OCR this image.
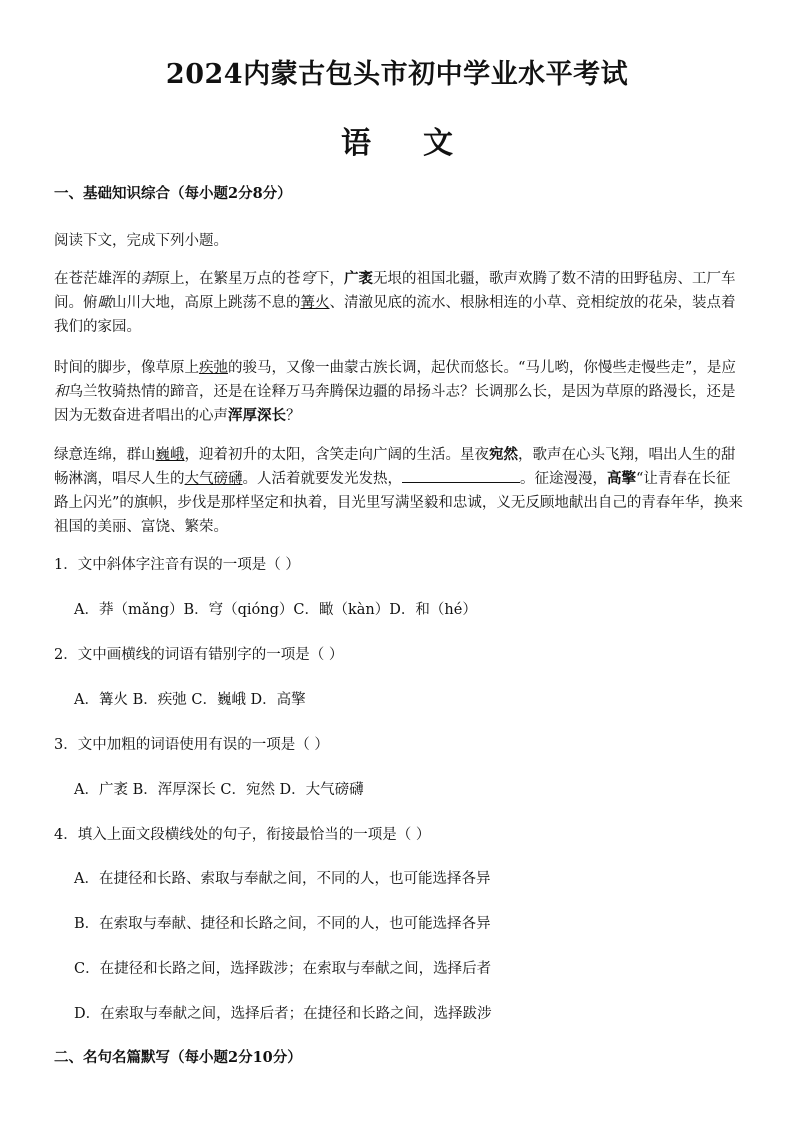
2024内蒙古包头市初中学业水平考试
语 文
一、基础知识综合（每小题2分8分）
阅读下文，完成下列小题。
在苍茫雄浑的莽原上，在繁星万点的苍穹下，广袤无垠的祖国北疆，歌声欢腾了数不清的田野毡房、工厂车间。俯瞰山川大地，高原上跳荡不息的篝火、清澈见底的流水、根脉相连的小草、竞相绽放的花朵，装点着我们的家园。
时间的脚步，像草原上疾弛的骏马，又像一曲蒙古族长调，起伏而悠长。“马儿哟，你慢些走慢些走”，是应和乌兰牧骑热情的蹄音，还是在诠释万马奔腾保边疆的昂扬斗志？长调那么长，是因为草原的路漫长，还是因为无数奋进者唱出的心声浑厚深长？
绿意连绵，群山巍峨，迎着初升的太阳，含笑走向广阔的生活。星夜宛然，歌声在心头飞翔，唱出人生的甜畅淋漓，唱尽人生的大气磅礴。人活着就要发光发热，	。征途漫漫，高擎“让青春在长征路上闪光”的旗帜，步伐是那样坚定和执着，目光里写满坚毅和忠诚，义无反顾地献出自己的青春年华，换来祖国的美丽、富饶、繁荣。
1．文中斜体字注音有误的一项是（ ）
A．莽（mǎng）B．穹（qióng）C．瞰（kàn）D．和（hé）
2．文中画横线的词语有错别字的一项是（ ）
A．篝火 B．疾弛 C．巍峨 D．高擎
3．文中加粗的词语使用有误的一项是（ ）
A．广袤 B．浑厚深长 C．宛然 D．大气磅礴
4．填入上面文段横线处的句子，衔接最恰当的一项是（ ）
A．在捷径和长路、索取与奉献之间，不同的人，也可能选择各异
B．在索取与奉献、捷径和长路之间，不同的人，也可能选择各异
C．在捷径和长路之间，选择跋涉；在索取与奉献之间，选择后者
D．在索取与奉献之间，选择后者；在捷径和长路之间，选择跋涉
二、名句名篇默写（每小题2分10分）
